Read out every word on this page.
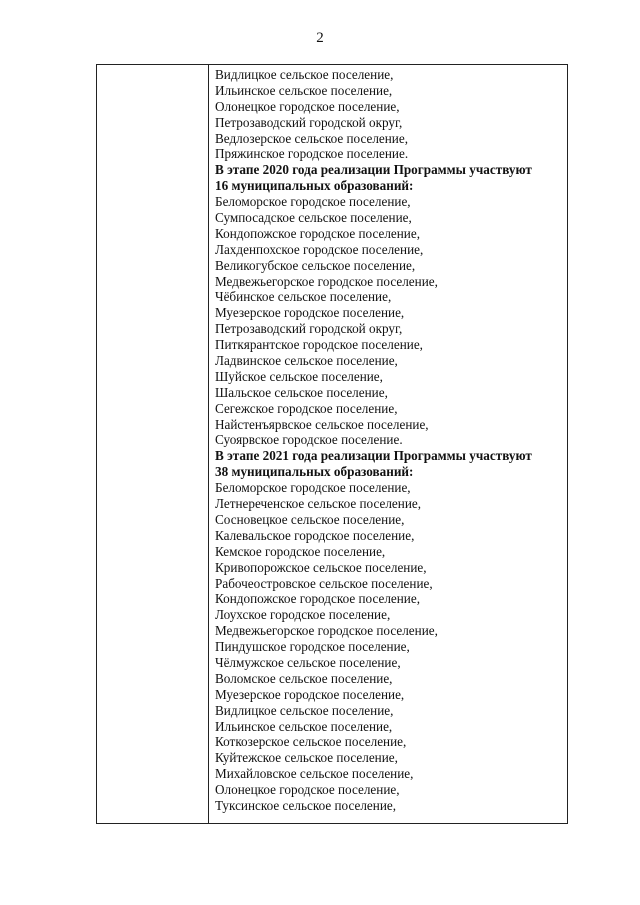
2
Видлицкое сельское поселение,
Ильинское сельское поселение,
Олонецкое городское поселение,
Петрозаводский городской округ,
Ведлозерское сельское поселение,
Пряжинское городское поселение.
В этапе 2020 года реализации Программы участвуют
16 муниципальных образований:
Беломорское городское поселение,
Сумпосадское сельское поселение,
Кондопожское городское поселение,
Лахденпохское городское поселение,
Великогубское сельское поселение,
Медвежьегорское городское поселение,
Чёбинское сельское поселение,
Муезерское городское поселение,
Петрозаводский городской округ,
Питкярантское городское поселение,
Ладвинское сельское поселение,
Шуйское сельское поселение,
Шальское сельское поселение,
Сегежское городское поселение,
Найстенъярвское сельское поселение,
Суоярвское городское поселение.
В этапе 2021 года реализации Программы участвуют
38 муниципальных образований:
Беломорское городское поселение,
Летнереченское сельское поселение,
Сосновецкое сельское поселение,
Калевальское городское поселение,
Кемское городское поселение,
Кривопорожское сельское поселение,
Рабочеостровское сельское поселение,
Кондопожское городское поселение,
Лоухское городское поселение,
Медвежьегорское городское поселение,
Пиндушское городское поселение,
Чёлмужское сельское поселение,
Воломское сельское поселение,
Муезерское городское поселение,
Видлицкое сельское поселение,
Ильинское сельское поселение,
Коткозерское сельское поселение,
Куйтежское сельское поселение,
Михайловское сельское поселение,
Олонецкое городское поселение,
Туксинское сельское поселение,
